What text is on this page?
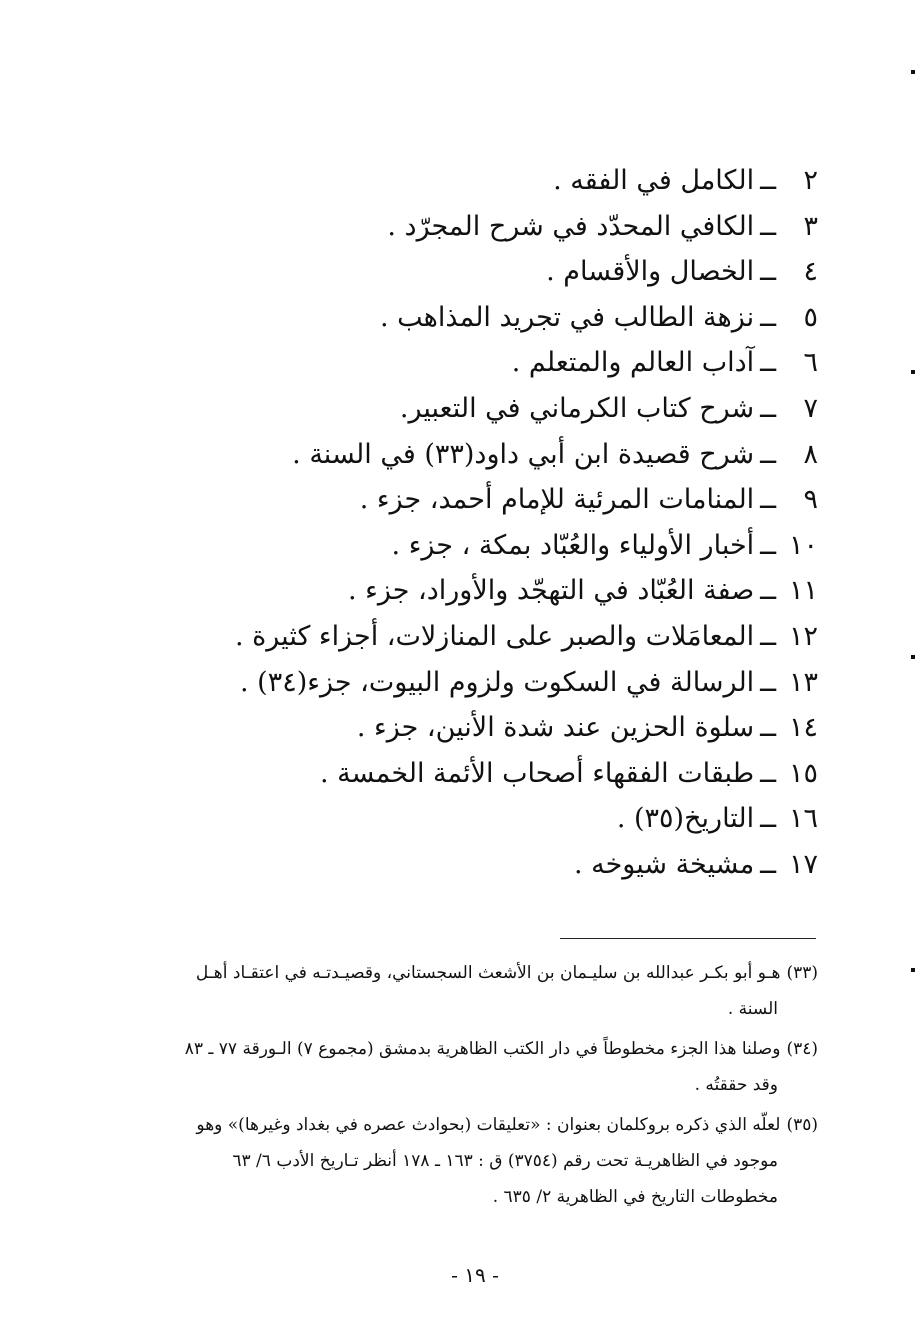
٢ــالكامل في الفقه .
٣ــالكافي المحدّد في شرح المجرّد .
٤ــالخصال والأقسام .
٥ــنزهة الطالب في تجريد المذاهب .
٦ــآداب العالم والمتعلم .
٧ــشرح كتاب الكرماني في التعبير.
٨ــشرح قصيدة ابن أبي داود(٣٣) في السنة .
٩ــالمنامات المرئية للإمام أحمد، جزء .
١٠ــأخبار الأولياء والعُبّاد بمكة ، جزء .
١١ــصفة العُبّاد في التهجّد والأوراد، جزء .
١٢ــالمعامَلات والصبر على المنازلات، أجزاء كثيرة .
١٣ــالرسالة في السكوت ولزوم البيوت، جزء(٣٤) .
١٤ــسلوة الحزين عند شدة الأنين، جزء .
١٥ــطبقات الفقهاء أصحاب الأئمة الخمسة .
١٦ــالتاريخ(٣٥) .
١٧ــمشيخة شيوخه .
(٣٣)هـو أبو بكـر عبدالله بن سليـمان بن الأشعث السجستاني، وقصيـدتـه في اعتقـاد أهـل
السنة .
(٣٤)وصلنا هذا الجزء مخطوطاً في دار الكتب الظاهرية بدمشق (مجموع ٧) الـورقة ٧٧ ـ ٨٣
وقد حققتُه .
(٣٥)لعلّه الذي ذكره بروكلمان بعنوان : «تعليقات (بحوادث عصره في بغداد وغيرها)» وهو
موجود في الظاهريـة تحت رقم (٣٧٥٤) ق : ١٦٣ ـ ١٧٨ أنظر تـاريخ الأدب ٦/ ٦٣
مخطوطات التاريخ في الظاهرية ٢/ ٦٣٥ .
- ١٩ -
